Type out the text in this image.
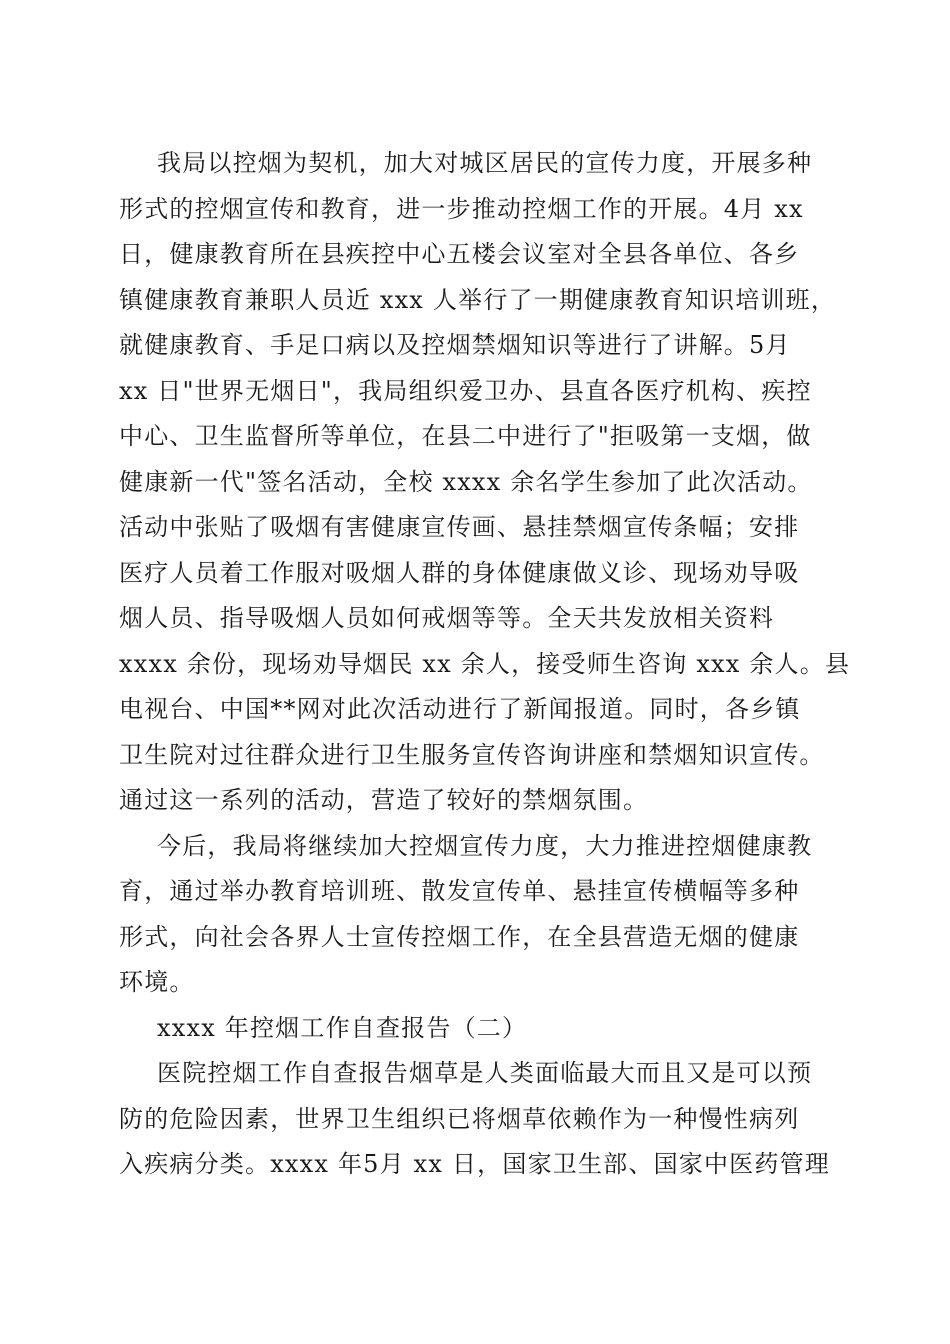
我局以控烟为契机，加大对城区居民的宣传力度，开展多种
形式的控烟宣传和教育，进一步推动控烟工作的开展。4月 xx
日，健康教育所在县疾控中心五楼会议室对全县各单位、各乡
镇健康教育兼职人员近 xxx 人举行了一期健康教育知识培训班，
就健康教育、手足口病以及控烟禁烟知识等进行了讲解。5月
xx 日"世界无烟日"，我局组织爱卫办、县直各医疗机构、疾控
中心、卫生监督所等单位，在县二中进行了"拒吸第一支烟，做
健康新一代"签名活动，全校 xxxx 余名学生参加了此次活动。
活动中张贴了吸烟有害健康宣传画、悬挂禁烟宣传条幅；安排
医疗人员着工作服对吸烟人群的身体健康做义诊、现场劝导吸
烟人员、指导吸烟人员如何戒烟等等。全天共发放相关资料
xxxx 余份，现场劝导烟民 xx 余人，接受师生咨询 xxx 余人。县
电视台、中国**网对此次活动进行了新闻报道。同时，各乡镇
卫生院对过往群众进行卫生服务宣传咨询讲座和禁烟知识宣传。
通过这一系列的活动，营造了较好的禁烟氛围。
今后，我局将继续加大控烟宣传力度，大力推进控烟健康教
育，通过举办教育培训班、散发宣传单、悬挂宣传横幅等多种
形式，向社会各界人士宣传控烟工作，在全县营造无烟的健康
环境。
xxxx 年控烟工作自查报告（二）
医院控烟工作自查报告烟草是人类面临最大而且又是可以预
防的危险因素，世界卫生组织已将烟草依赖作为一种慢性病列
入疾病分类。xxxx 年5月 xx 日，国家卫生部、国家中医药管理
